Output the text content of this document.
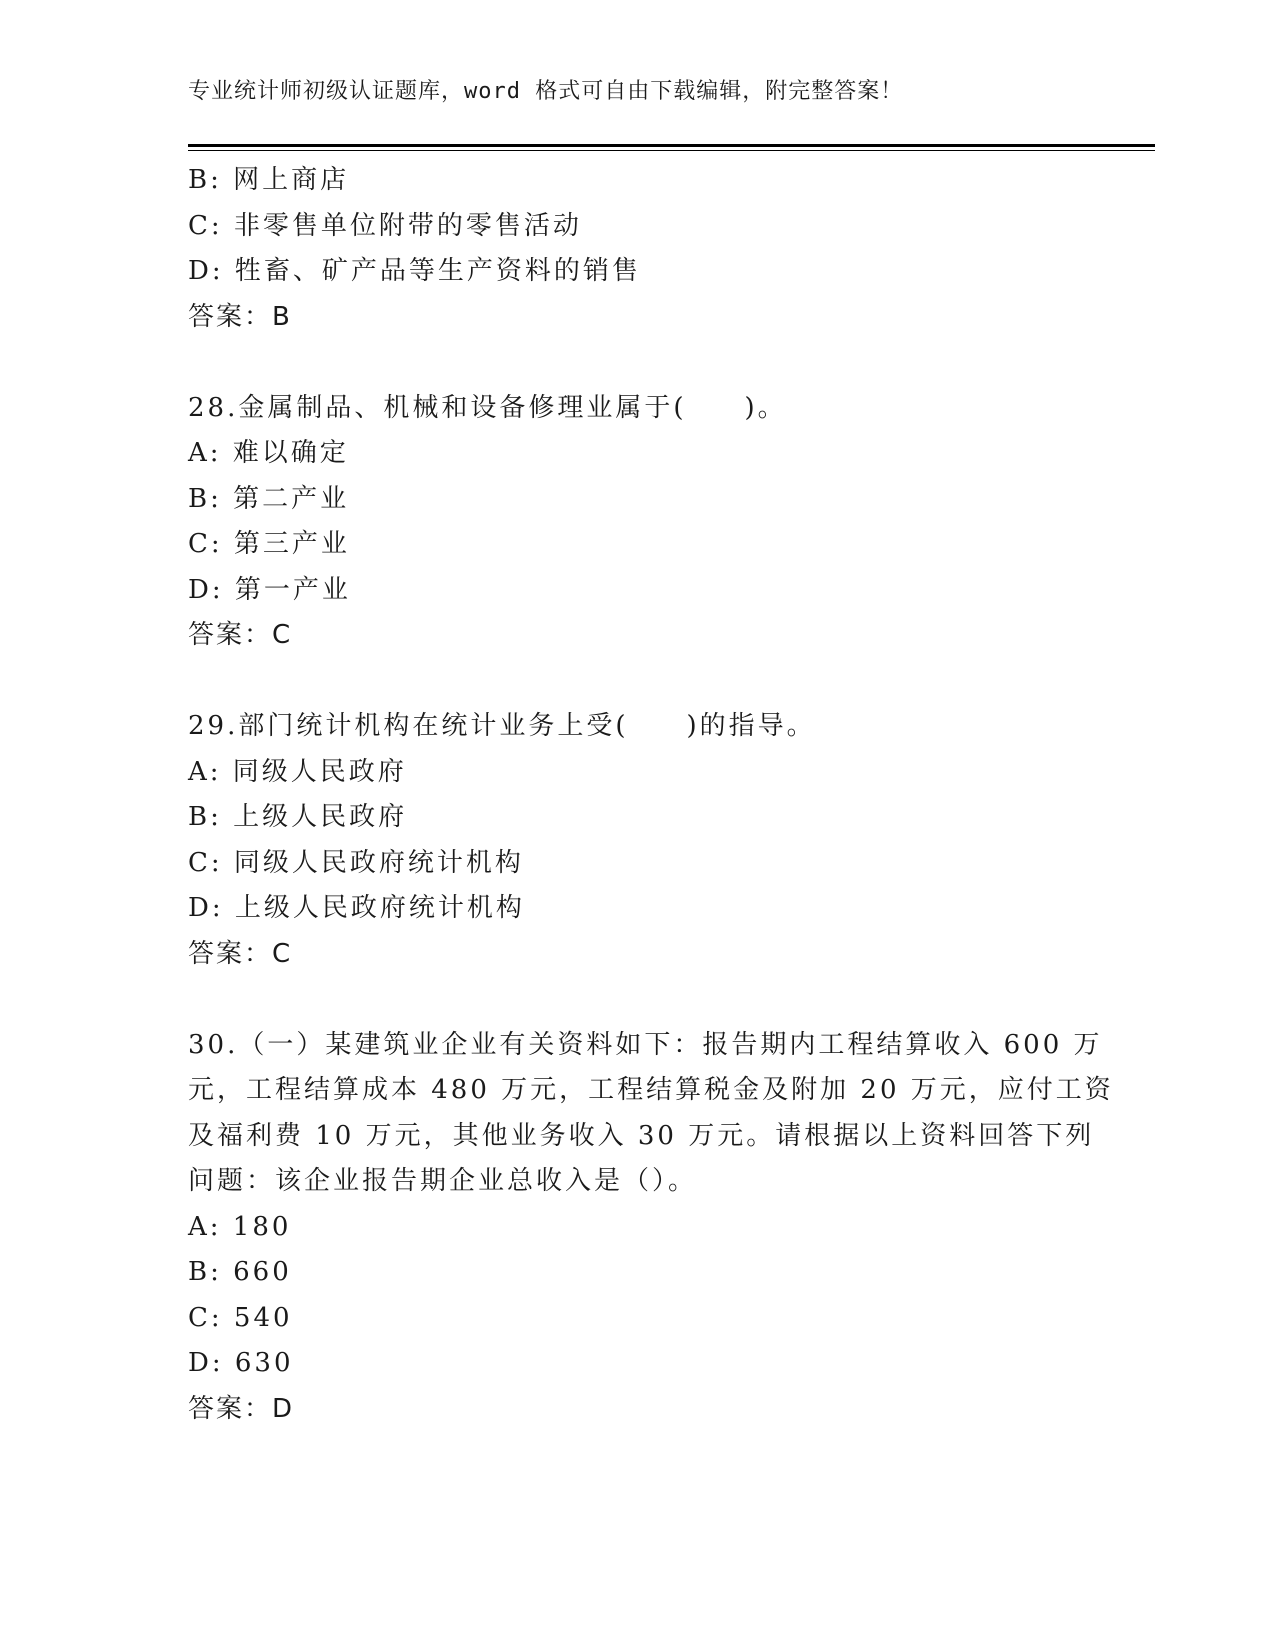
专业统计师初级认证题库，word 格式可自由下载编辑，附完整答案！
B: 网上商店
C: 非零售单位附带的零售活动
D: 牲畜、矿产品等生产资料的销售
答案：B
28.金属制品、机械和设备修理业属于(　　)。
A: 难以确定
B: 第二产业
C: 第三产业
D: 第一产业
答案：C
29.部门统计机构在统计业务上受(　　)的指导。
A: 同级人民政府
B: 上级人民政府
C: 同级人民政府统计机构
D: 上级人民政府统计机构
答案：C
30.（一）某建筑业企业有关资料如下：报告期内工程结算收入 600 万
元，工程结算成本 480 万元，工程结算税金及附加 20 万元，应付工资
及福利费 10 万元，其他业务收入 30 万元。请根据以上资料回答下列
问题：该企业报告期企业总收入是（）。
A: 180
B: 660
C: 540
D: 630
答案：D
